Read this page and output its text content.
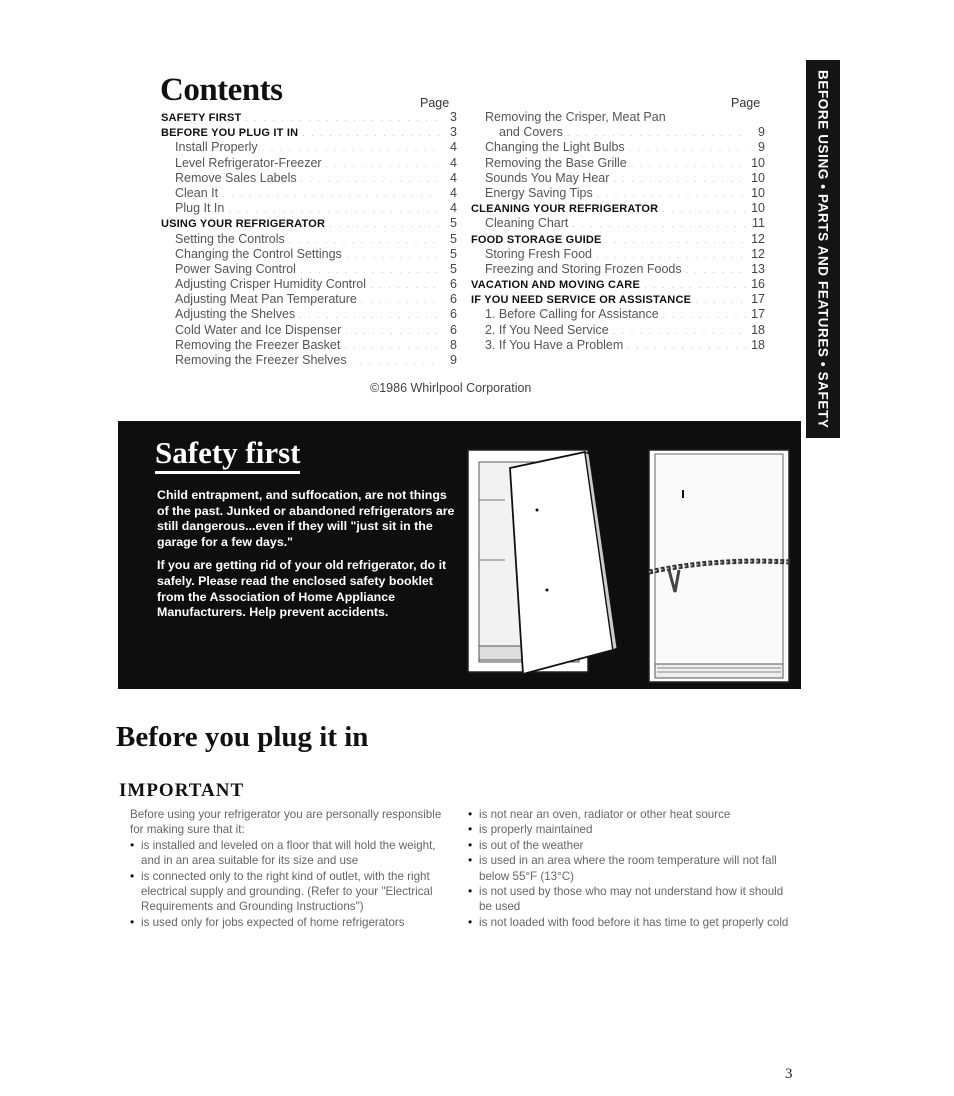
Contents	Page	Page
SAFETY FIRST . . .	3
BEFORE YOU PLUG IT IN . . .	3
Install Properly . . .	4
Level Refrigerator-Freezer . . .	4
Remove Sales Labels . . .	4
Clean It . . .	4
Plug It In . . .	4
USING YOUR REFRIGERATOR . . .	5
Setting the Controls . . .	5
Changing the Control Settings . . .	5
Power Saving Control . . .	5
Adjusting Crisper Humidity Control . . .	6
Adjusting Meat Pan Temperature . . .	6
Adjusting the Shelves . . .	6
Cold Water and Ice Dispenser . . .	6
Removing the Freezer Basket . . .	8
Removing the Freezer Shelves . . .	9
Removing the Crisper, Meat Pan
and Covers . . .	9
Changing the Light Bulbs . . .	9
Removing the Base Grille . . .	10
Sounds You May Hear . . .	10
Energy Saving Tips . . .	10
CLEANING YOUR REFRIGERATOR . . .	10
Cleaning Chart . . .	11
FOOD STORAGE GUIDE . . .	12
Storing Fresh Food . . .	12
Freezing and Storing Frozen Foods . . .	13
VACATION AND MOVING CARE . . .	16
IF YOU NEED SERVICE OR ASSISTANCE . . .	17
1. Before Calling for Assistance . . .	17
2. If You Need Service . . .	18
3. If You Have a Problem . . .	18
©1986 Whirlpool Corporation	BEFORE USING • PARTS AND FEATURES • SAFETY
Safety first

Child entrapment, and suffocation, are not things of the past. Junked or abandoned refrigerators are still dangerous...even if they will "just sit in the garage for a few days."

If you are getting rid of your old refrigerator, do it safely. Please read the enclosed safety booklet from the Association of Home Appliance Manufacturers. Help prevent accidents.

Before you plug it in
IMPORTANT

Before using your refrigerator you are personally responsible for making sure that it:

• is installed and leveled on a floor that will hold the weight, and in an area suitable for its size and use

• is connected only to the right kind of outlet, with the right electrical supply and grounding. (Refer to your "Electrical Requirements and Grounding Instructions")

• is used only for jobs expected of home refrigerators

• is not near an oven, radiator or other heat source

• is properly maintained

• is out of the weather

• is used in an area where the room temperature will not fall below 55°F (13°C)

• is not used by those who may not understand how it should be used

• is not loaded with food before it has time to get properly cold

3
